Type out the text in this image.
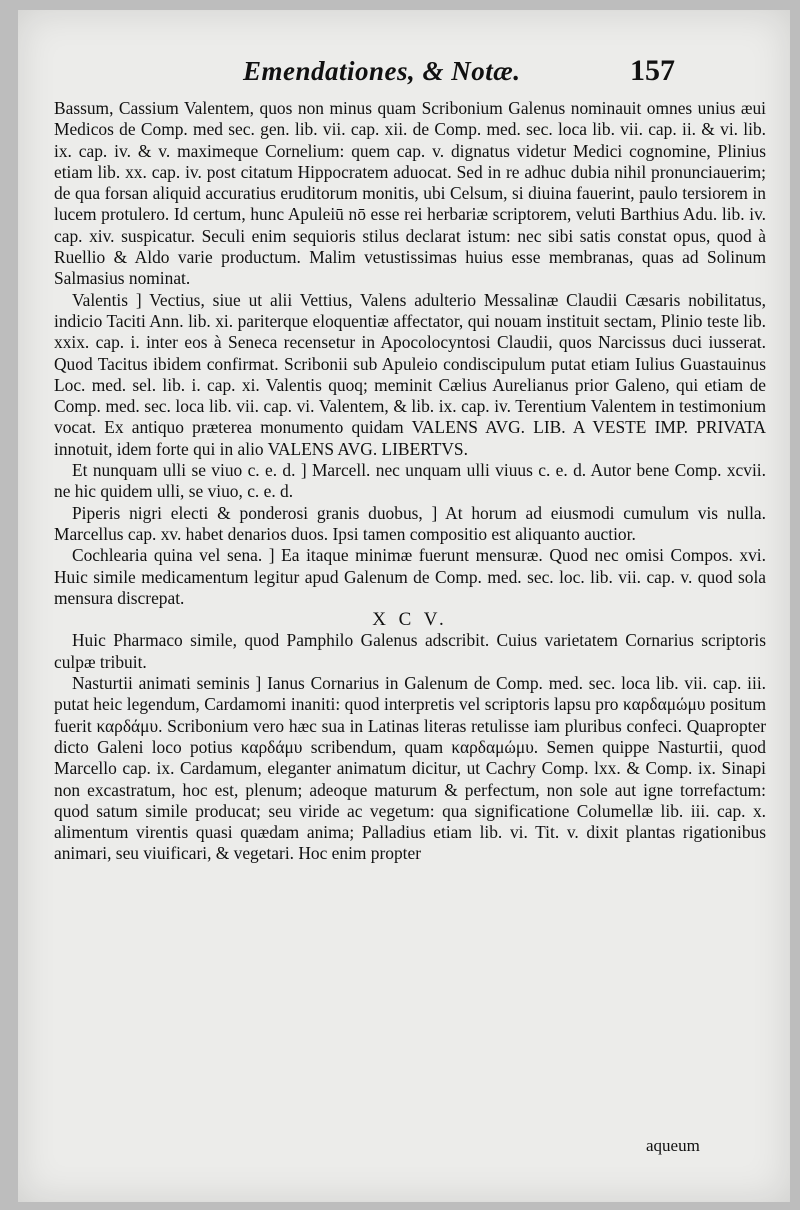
Emendationes, & Notæ.	157

Bassum, Cassium Valentem, quos non minus quam Scribonium Galenus nominauit omnes unius æui Medicos de Comp. med sec. gen. lib. vii. cap. xii. de Comp. med. sec. loca lib. vii. cap. ii. & vi. lib. ix. cap. iv. & v. maximeque Cornelium: quem cap. v. dignatus videtur Medici cognomine, Plinius etiam lib. xx. cap. iv. post citatum Hippocratem aduocat. Sed in re adhuc dubia nihil pronunciauerim; de qua forsan aliquid accuratius eruditorum monitis, ubi Celsum, si diuina fauerint, paulo tersiorem in lucem protulero. Id certum, hunc Apuleiū nō esse rei herbariæ scriptorem, veluti Barthius Adu. lib. iv. cap. xiv. suspicatur. Seculi enim sequioris stilus declarat istum: nec sibi satis constat opus, quod à Ruellio & Aldo varie productum. Malim vetustissimas huius esse membranas, quas ad Solinum Salmasius nominat.

Valentis ] Vectius, siue ut alii Vettius, Valens adulterio Messalinæ Claudii Cæsaris nobilitatus, indicio Taciti Ann. lib. xi. pariterque eloquentiæ affectator, qui nouam instituit sectam, Plinio teste lib. xxix. cap. i. inter eos à Seneca recensetur in Apocolocyntosi Claudii, quos Narcissus duci iusserat. Quod Tacitus ibidem confirmat. Scribonii sub Apuleio condiscipulum putat etiam Iulius Guastauinus Loc. med. sel. lib. i. cap. xi. Valentis quoq; meminit Cælius Aurelianus prior Galeno, qui etiam de Comp. med. sec. loca lib. vii. cap. vi. Valentem, & lib. ix. cap. iv. Terentium Valentem in testimonium vocat. Ex antiquo præterea monumento quidam VALENS AVG. LIB. A VESTE IMP. PRIVATA innotuit, idem forte qui in alio VALENS AVG. LIBERTVS.

Et nunquam ulli se viuo c. e. d. ] Marcell. nec unquam ulli viuus c. e. d. Autor bene Comp. xcvii. ne hic quidem ulli, se viuo, c. e. d.

Piperis nigri electi & ponderosi granis duobus, ] At horum ad eiusmodi cumulum vis nulla. Marcellus cap. xv. habet denarios duos. Ipsi tamen compositio est aliquanto auctior.

Cochlearia quina vel sena. ] Ea itaque minimæ fuerunt mensuræ. Quod nec omisi Compos. xvi. Huic simile medicamentum legitur apud Galenum de Comp. med. sec. loc. lib. vii. cap. v. quod sola mensura discrepat.

X C V.

Huic Pharmaco simile, quod Pamphilo Galenus adscribit. Cuius varietatem Cornarius scriptoris culpæ tribuit.

Nasturtii animati seminis ] Ianus Cornarius in Galenum de Comp. med. sec. loca lib. vii. cap. iii. putat heic legendum, Cardamomi inaniti: quod interpretis vel scriptoris lapsu pro καρδαμώμυ positum fuerit καρδάμυ. Scribonium vero hæc sua in Latinas literas retulisse iam pluribus confeci. Quapropter dicto Galeni loco potius καρδάμυ scribendum, quam καρδαμώμυ. Semen quippe Nasturtii, quod Marcello cap. ix. Cardamum, eleganter animatum dicitur, ut Cachry Comp. lxx. & Comp. ix. Sinapi non excastratum, hoc est, plenum; adeoque maturum & perfectum, non sole aut igne torrefactum: quod satum simile producat; seu viride ac vegetum: qua significatione Columellæ lib. iii. cap. x. alimentum virentis quasi quædam anima; Palladius etiam lib. vi. Tit. v. dixit plantas rigationibus animari, seu viuificari, & vegetari. Hoc enim propter

aqueum
